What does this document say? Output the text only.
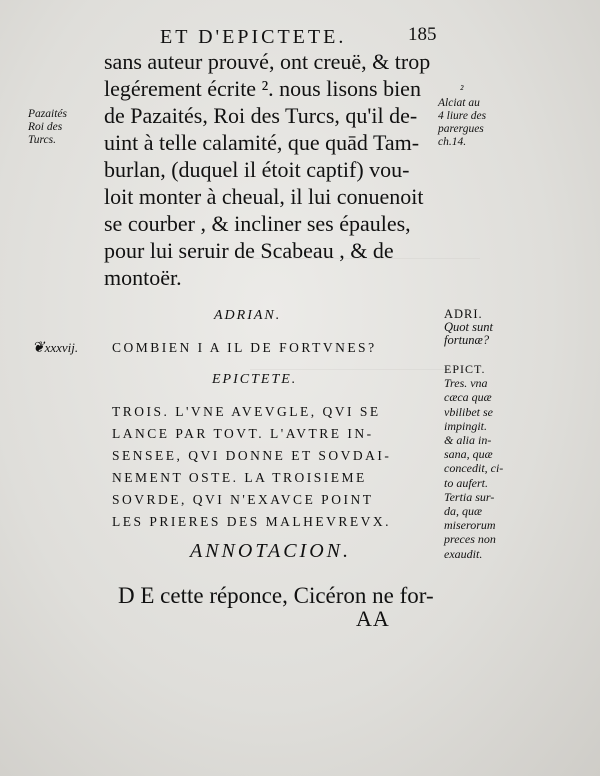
ET D'EPICTETE.	185
sans auteur prouvé, ont creuë, & trop
legérement écrite ². nous lisons bien
de Pazaités, Roi des Turcs, qu'il de-
uint à telle calamité, que quād Tam-
burlan, (duquel il étoit captif) vou-
loit monter à cheual, il lui conuenoit
se courber , & incliner ses épaules,
pour lui seruir de Scabeau , & de
montoër.
Pazaités
Roi des
Turcs.
²
Alciat au
4 liure des
parergues
ch.14.
ADRIAN.
❦xxxvij.	COMBIEN I A IL DE FORTVNES?
ADRI.
Quot sunt
fortunæ?
EPICTETE.
TROIS. L'VNE AVEVGLE, QVI SE
LANCE PAR TOVT. L'AVTRE IN-
SENSEE, QVI DONNE ET SOVDAI-
NEMENT OSTE. LA TROISIEME
SOVRDE, QVI N'EXAVCE POINT
LES PRIERES DES MALHEVREVX.
EPICT.
Tres. vna
cæca quæ
vbilibet se
impingit.
& alia in-
sana, quæ
concedit, ci-
to aufert.
Tertia sur-
da, quæ
miserorum
preces non
exaudit.
ANNOTACION.
D E cette réponce, Cicéron ne for-
AA
